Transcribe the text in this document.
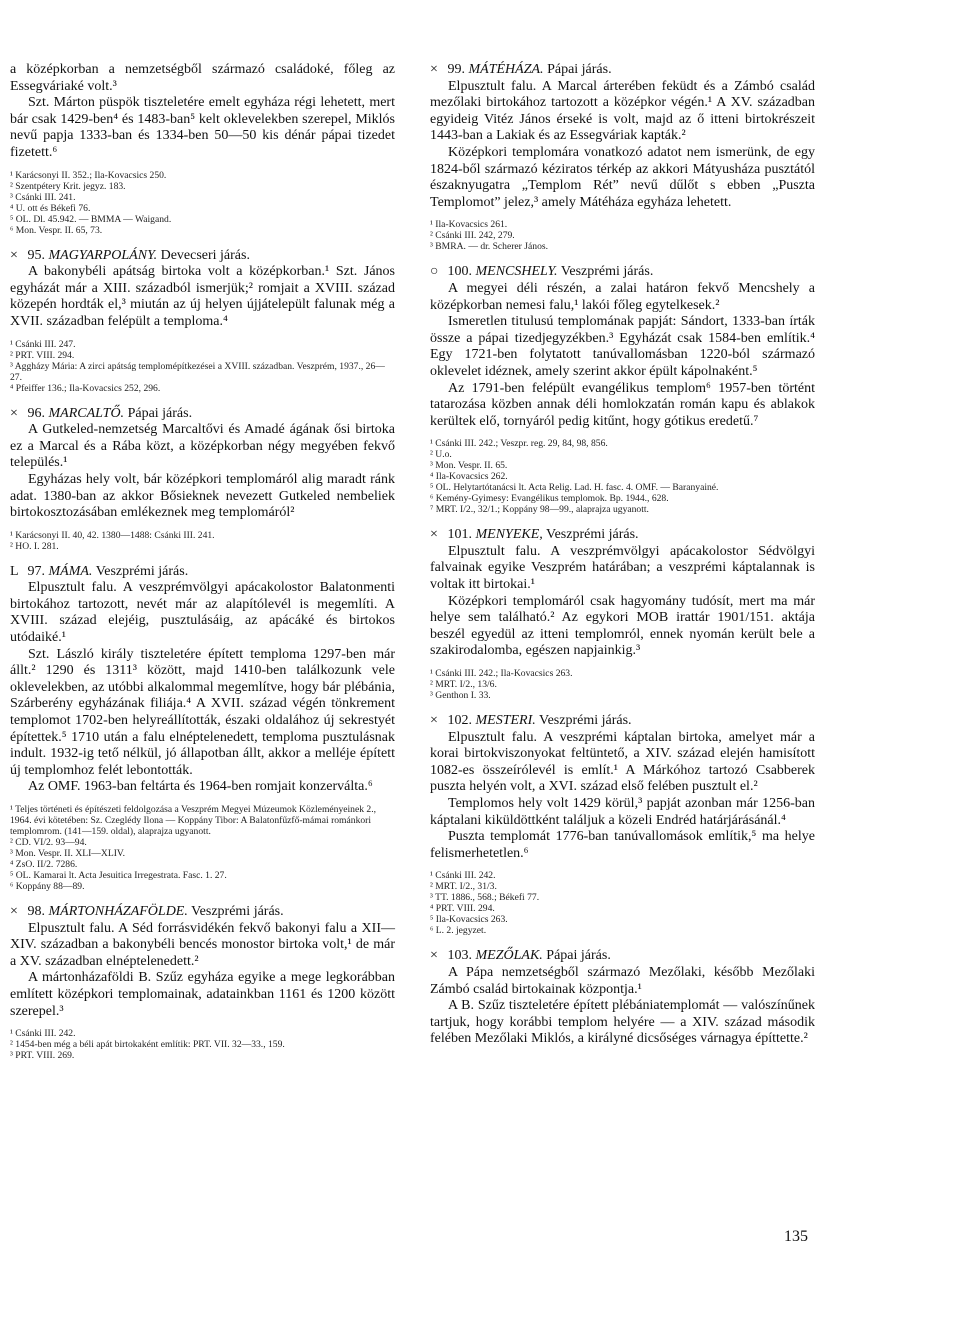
a középkorban a nemzetségből származó családoké, főleg az Essegváriaké volt.³

Szt. Márton püspök tiszteletére emelt egyháza régi lehetett, mert bár csak 1429-ben⁴ és 1483-ban⁵ kelt oklevelekben szerepel, Miklós nevű papja 1333-ban és 1334-ben 50—50 kis dénár pápai tizedet fizetett.⁶

¹ Karácsonyi II. 352.; Ila-Kovacsics 250.

² Szentpétery Krit. jegyz. 183.

³ Csánki III. 241.

⁴ U. ott és Békefi 76.

⁵ OL. Dl. 45.942. — BMMA — Waigand.

⁶ Mon. Vespr. II. 65, 73.

× 95. MAGYARPOLÁNY. Devecseri járás.

A bakonybéli apátság birtoka volt a középkorban.¹ Szt. János egyházát már a XIII. századból ismerjük;² romjait a XVIII. század közepén hordták el,³ miután az új helyen újjátelepült falunak még a XVII. században felépült a temploma.⁴

¹ Csánki III. 247.

² PRT. VIII. 294.

³ Aggházy Mária: A zirci apátság templomépítkezései a XVIII. században. Veszprém, 1937., 26—27.

⁴ Pfeiffer 136.; Ila-Kovacsics 252, 296.

× 96. MARCALTŐ. Pápai járás.

A Gutkeled-nemzetség Marcaltővi és Amadé ágának ősi birtoka ez a Marcal és a Rába közt, a középkorban négy megyében fekvő település.¹

Egyházas hely volt, bár középkori templomáról alig maradt ránk adat. 1380-ban az akkor Bősieknek nevezett Gutkeled nembeliek birtokosztozásában emlékeznek meg templomáról²

¹ Karácsonyi II. 40, 42. 1380—1488: Csánki III. 241.

² HO. I. 281.

L 97. MÁMA. Veszprémi járás.

Elpusztult falu. A veszprémvölgyi apácakolostor Balatonmenti birtokához tartozott, nevét már az alapítólevél is megemlíti. A XVIII. század elejéig, pusztulásáig, az apácáké és birtokos utódaiké.¹

Szt. László király tiszteletére épített temploma 1297-ben már állt.² 1290 és 1311³ között, majd 1410-ben találkozunk vele oklevelekben, az utóbbi alkalommal megemlítve, hogy bár plébánia, Szárberény egyházának filiája.⁴ A XVII. század végén tönkrement templomot 1702-ben helyreállították, északi oldalához új sekrestyét építettek.⁵ 1710 után a falu elnéptelenedett, temploma pusztulásnak indult. 1932-ig tető nélkül, jó állapotban állt, akkor a melléje épített új templomhoz felét lebontották.

Az OMF. 1963-ban feltárta és 1964-ben romjait konzerválta.⁶

¹ Teljes történeti és építészeti feldolgozása a Veszprém Megyei Múzeumok Közleményeinek 2., 1964. évi kötetében: Sz. Czeglédy Ilona — Koppány Tibor: A Balatonfűzfő-mámai románkori templomrom. (141—159. oldal), alaprajza ugyanott.

² CD. VI/2. 93—94.

³ Mon. Vespr. II. XLI—XLIV.

⁴ ZsO. II/2. 7286.

⁵ OL. Kamarai lt. Acta Jesuitica Irregestrata. Fasc. 1. 27.

⁶ Koppány 88—89.

× 98. MÁRTONHÁZAFÖLDE. Veszprémi járás.

Elpusztult falu. A Séd forrásvidékén fekvő bakonyi falu a XII—XIV. században a bakonybéli bencés monostor birtoka volt,¹ de már a XV. században elnéptelenedett.²

A mártonházaföldi B. Szűz egyháza egyike a mege legkorábban említett középkori templomainak, adatainkban 1161 és 1200 között szerepel.³

¹ Csánki III. 242.

² 1454-ben még a béli apát birtokaként említik: PRT. VII. 32—33., 159.

³ PRT. VIII. 269.

× 99. MÁTÉHÁZA. Pápai járás.

Elpusztult falu. A Marcal árterében feküdt és a Zámbó család mezőlaki birtokához tartozott a középkor végén.¹ A XV. században egyideig Vitéz János érseké is volt, majd az ő itteni birtokrészeit 1443-ban a Lakiak és az Essegváriak kapták.²

Középkori templomára vonatkozó adatot nem ismerünk, de egy 1824-ből származó kéziratos térkép az akkori Mátyusháza pusztától északnyugatra „Templom Rét” nevű dűlőt s ebben „Puszta Templomot” jelez,³ amely Mátéháza egyháza lehetett.

¹ Ila-Kovacsics 261.

² Csánki III. 242, 279.

³ BMRA. — dr. Scherer János.

○ 100. MENCSHELY. Veszprémi járás.

A megyei déli részén, a zalai határon fekvő Mencshely a középkorban nemesi falu,¹ lakói főleg egytelkesek.²

Ismeretlen titulusú templomának papját: Sándort, 1333-ban írták össze a pápai tizedjegyzékben.³ Egyházát csak 1584-ben említik.⁴ Egy 1721-ben folytatott tanúvallomásban 1220-ból származó oklevelet idéznek, amely szerint akkor épült kápolnaként.⁵

Az 1791-ben felépült evangélikus templom⁶ 1957-ben történt tatarozása közben annak déli homlokzatán román kapu és ablakok kerültek elő, tornyáról pedig kitűnt, hogy gótikus eredetű.⁷

¹ Csánki III. 242.; Veszpr. reg. 29, 84, 98, 856.

² U.o.

³ Mon. Vespr. II. 65.

⁴ Ila-Kovacsics 262.

⁵ OL. Helytartótanácsi lt. Acta Relig. Lad. H. fasc. 4. OMF. — Baranyainé.

⁶ Kemény-Gyimesy: Evangélikus templomok. Bp. 1944., 628.

⁷ MRT. I/2., 32/1.; Koppány 98—99., alaprajza ugyanott.

× 101. MENYEKE, Veszprémi járás.

Elpusztult falu. A veszprémvölgyi apácakolostor Sédvölgyi falvainak egyike Veszprém határában; a veszprémi káptalannak is voltak itt birtokai.¹

Középkori templomáról csak hagyomány tudósít, mert ma már helye sem található.² Az egykori MOB irattár 1901/151. aktája beszél egyedül az itteni templomról, ennek nyomán került bele a szakirodalomba, egészen napjainkig.³

¹ Csánki III. 242.; Ila-Kovacsics 263.

² MRT. I/2., 13/6.

³ Genthon I. 33.

× 102. MESTERI. Veszprémi járás.

Elpusztult falu. A veszprémi káptalan birtoka, amelyet már a korai birtokviszonyokat feltüntető, a XIV. század elején hamisított 1082-es összeírólevél is említ.¹ A Márkóhoz tartozó Csabberek puszta helyén volt, a XVI. század első felében pusztult el.²

Templomos hely volt 1429 körül,³ papját azonban már 1256-ban káptalani kiküldöttként találjuk a közeli Endréd határjárásánál.⁴

Puszta templomát 1776-ban tanúvallomások említik,⁵ ma helye felismerhetetlen.⁶

¹ Csánki III. 242.

² MRT. I/2., 31/3.

³ TT. 1886., 568.; Békefi 77.

⁴ PRT. VIII. 294.

⁵ Ila-Kovacsics 263.

⁶ L. 2. jegyzet.

× 103. MEZŐLAK. Pápai járás.

A Pápa nemzetségből származó Mezőlaki, később Mezőlaki Zámbó család birtokainak központja.¹

A B. Szűz tiszteletére épített plébániatemplomát — valószínűnek tartjuk, hogy korábbi templom helyére — a XIV. század második felében Mezőlaki Miklós, a királyné dicsőséges várnagya építtette.²

135
